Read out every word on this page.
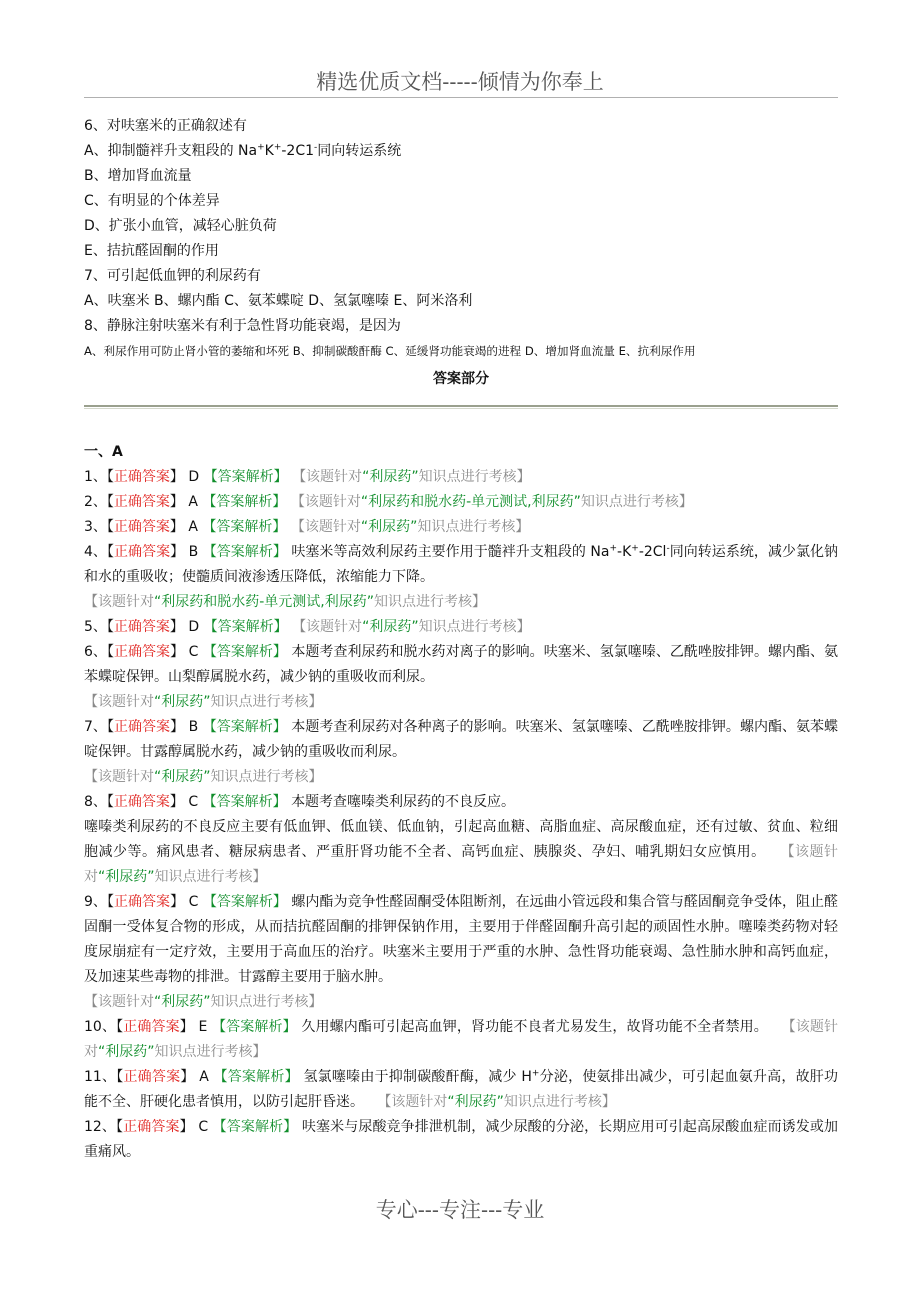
精选优质文档-----倾情为你奉上
6、对呋塞米的正确叙述有
A、抑制髓袢升支粗段的 Na+K+-2C1-同向转运系统
B、增加肾血流量
C、有明显的个体差异
D、扩张小血管，减轻心脏负荷
E、拮抗醛固酮的作用
7、可引起低血钾的利尿药有
A、呋塞米 B、螺内酯 C、氨苯蝶啶 D、氢氯噻嗪 E、阿米洛利
8、静脉注射呋塞米有利于急性肾功能衰竭，是因为
A、利尿作用可防止肾小管的萎缩和坏死 B、抑制碳酸酐酶 C、延缓肾功能衰竭的进程 D、增加肾血流量 E、抗利尿作用
答案部分
一、A
1、【正确答案】 D 【答案解析】 【该题针对“利尿药”知识点进行考核】
2、【正确答案】 A 【答案解析】 【该题针对“利尿药和脱水药-单元测试,利尿药”知识点进行考核】
3、【正确答案】 A 【答案解析】 【该题针对“利尿药”知识点进行考核】

4、【正确答案】 B 【答案解析】 呋塞米等高效利尿药主要作用于髓袢升支粗段的 Na+-K+-2Cl-同向转运系统，减少氯化钠和水的重吸收；使髓质间液渗透压降低，浓缩能力下降。

【该题针对“利尿药和脱水药-单元测试,利尿药”知识点进行考核】
5、【正确答案】 D 【答案解析】 【该题针对“利尿药”知识点进行考核】

6、【正确答案】 C 【答案解析】 本题考查利尿药和脱水药对离子的影响。呋塞米、氢氯噻嗪、乙酰唑胺排钾。螺内酯、氨苯蝶啶保钾。山梨醇属脱水药，减少钠的重吸收而利尿。

【该题针对“利尿药”知识点进行考核】

7、【正确答案】 B 【答案解析】 本题考查利尿药对各种离子的影响。呋塞米、氢氯噻嗪、乙酰唑胺排钾。螺内酯、氨苯蝶啶保钾。甘露醇属脱水药，减少钠的重吸收而利尿。

【该题针对“利尿药”知识点进行考核】
8、【正确答案】 C 【答案解析】 本题考查噻嗪类利尿药的不良反应。

噻嗪类利尿药的不良反应主要有低血钾、低血镁、低血钠，引起高血糖、高脂血症、高尿酸血症，还有过敏、贫血、粒细胞减少等。痛风患者、糖尿病患者、严重肝肾功能不全者、高钙血症、胰腺炎、孕妇、哺乳期妇女应慎用。 【该题针对“利尿药”知识点进行考核】

9、【正确答案】 C 【答案解析】 螺内酯为竞争性醛固酮受体阻断剂，在远曲小管远段和集合管与醛固酮竞争受体，阻止醛固酮一受体复合物的形成，从而拮抗醛固酮的排钾保钠作用，主要用于伴醛固酮升高引起的顽固性水肿。噻嗪类药物对轻度尿崩症有一定疗效，主要用于高血压的治疗。呋塞米主要用于严重的水肿、急性肾功能衰竭、急性肺水肿和高钙血症，及加速某些毒物的排泄。甘露醇主要用于脑水肿。

【该题针对“利尿药”知识点进行考核】

10、【正确答案】 E 【答案解析】 久用螺内酯可引起高血钾，肾功能不良者尤易发生，故肾功能不全者禁用。 【该题针对“利尿药”知识点进行考核】

11、【正确答案】 A 【答案解析】 氢氯噻嗪由于抑制碳酸酐酶，减少 H+分泌，使氨排出减少，可引起血氨升高，故肝功能不全、肝硬化患者慎用，以防引起肝昏迷。 【该题针对“利尿药”知识点进行考核】

12、【正确答案】 C 【答案解析】 呋塞米与尿酸竞争排泄机制，减少尿酸的分泌，长期应用可引起高尿酸血症而诱发或加重痛风。

专心---专注---专业
